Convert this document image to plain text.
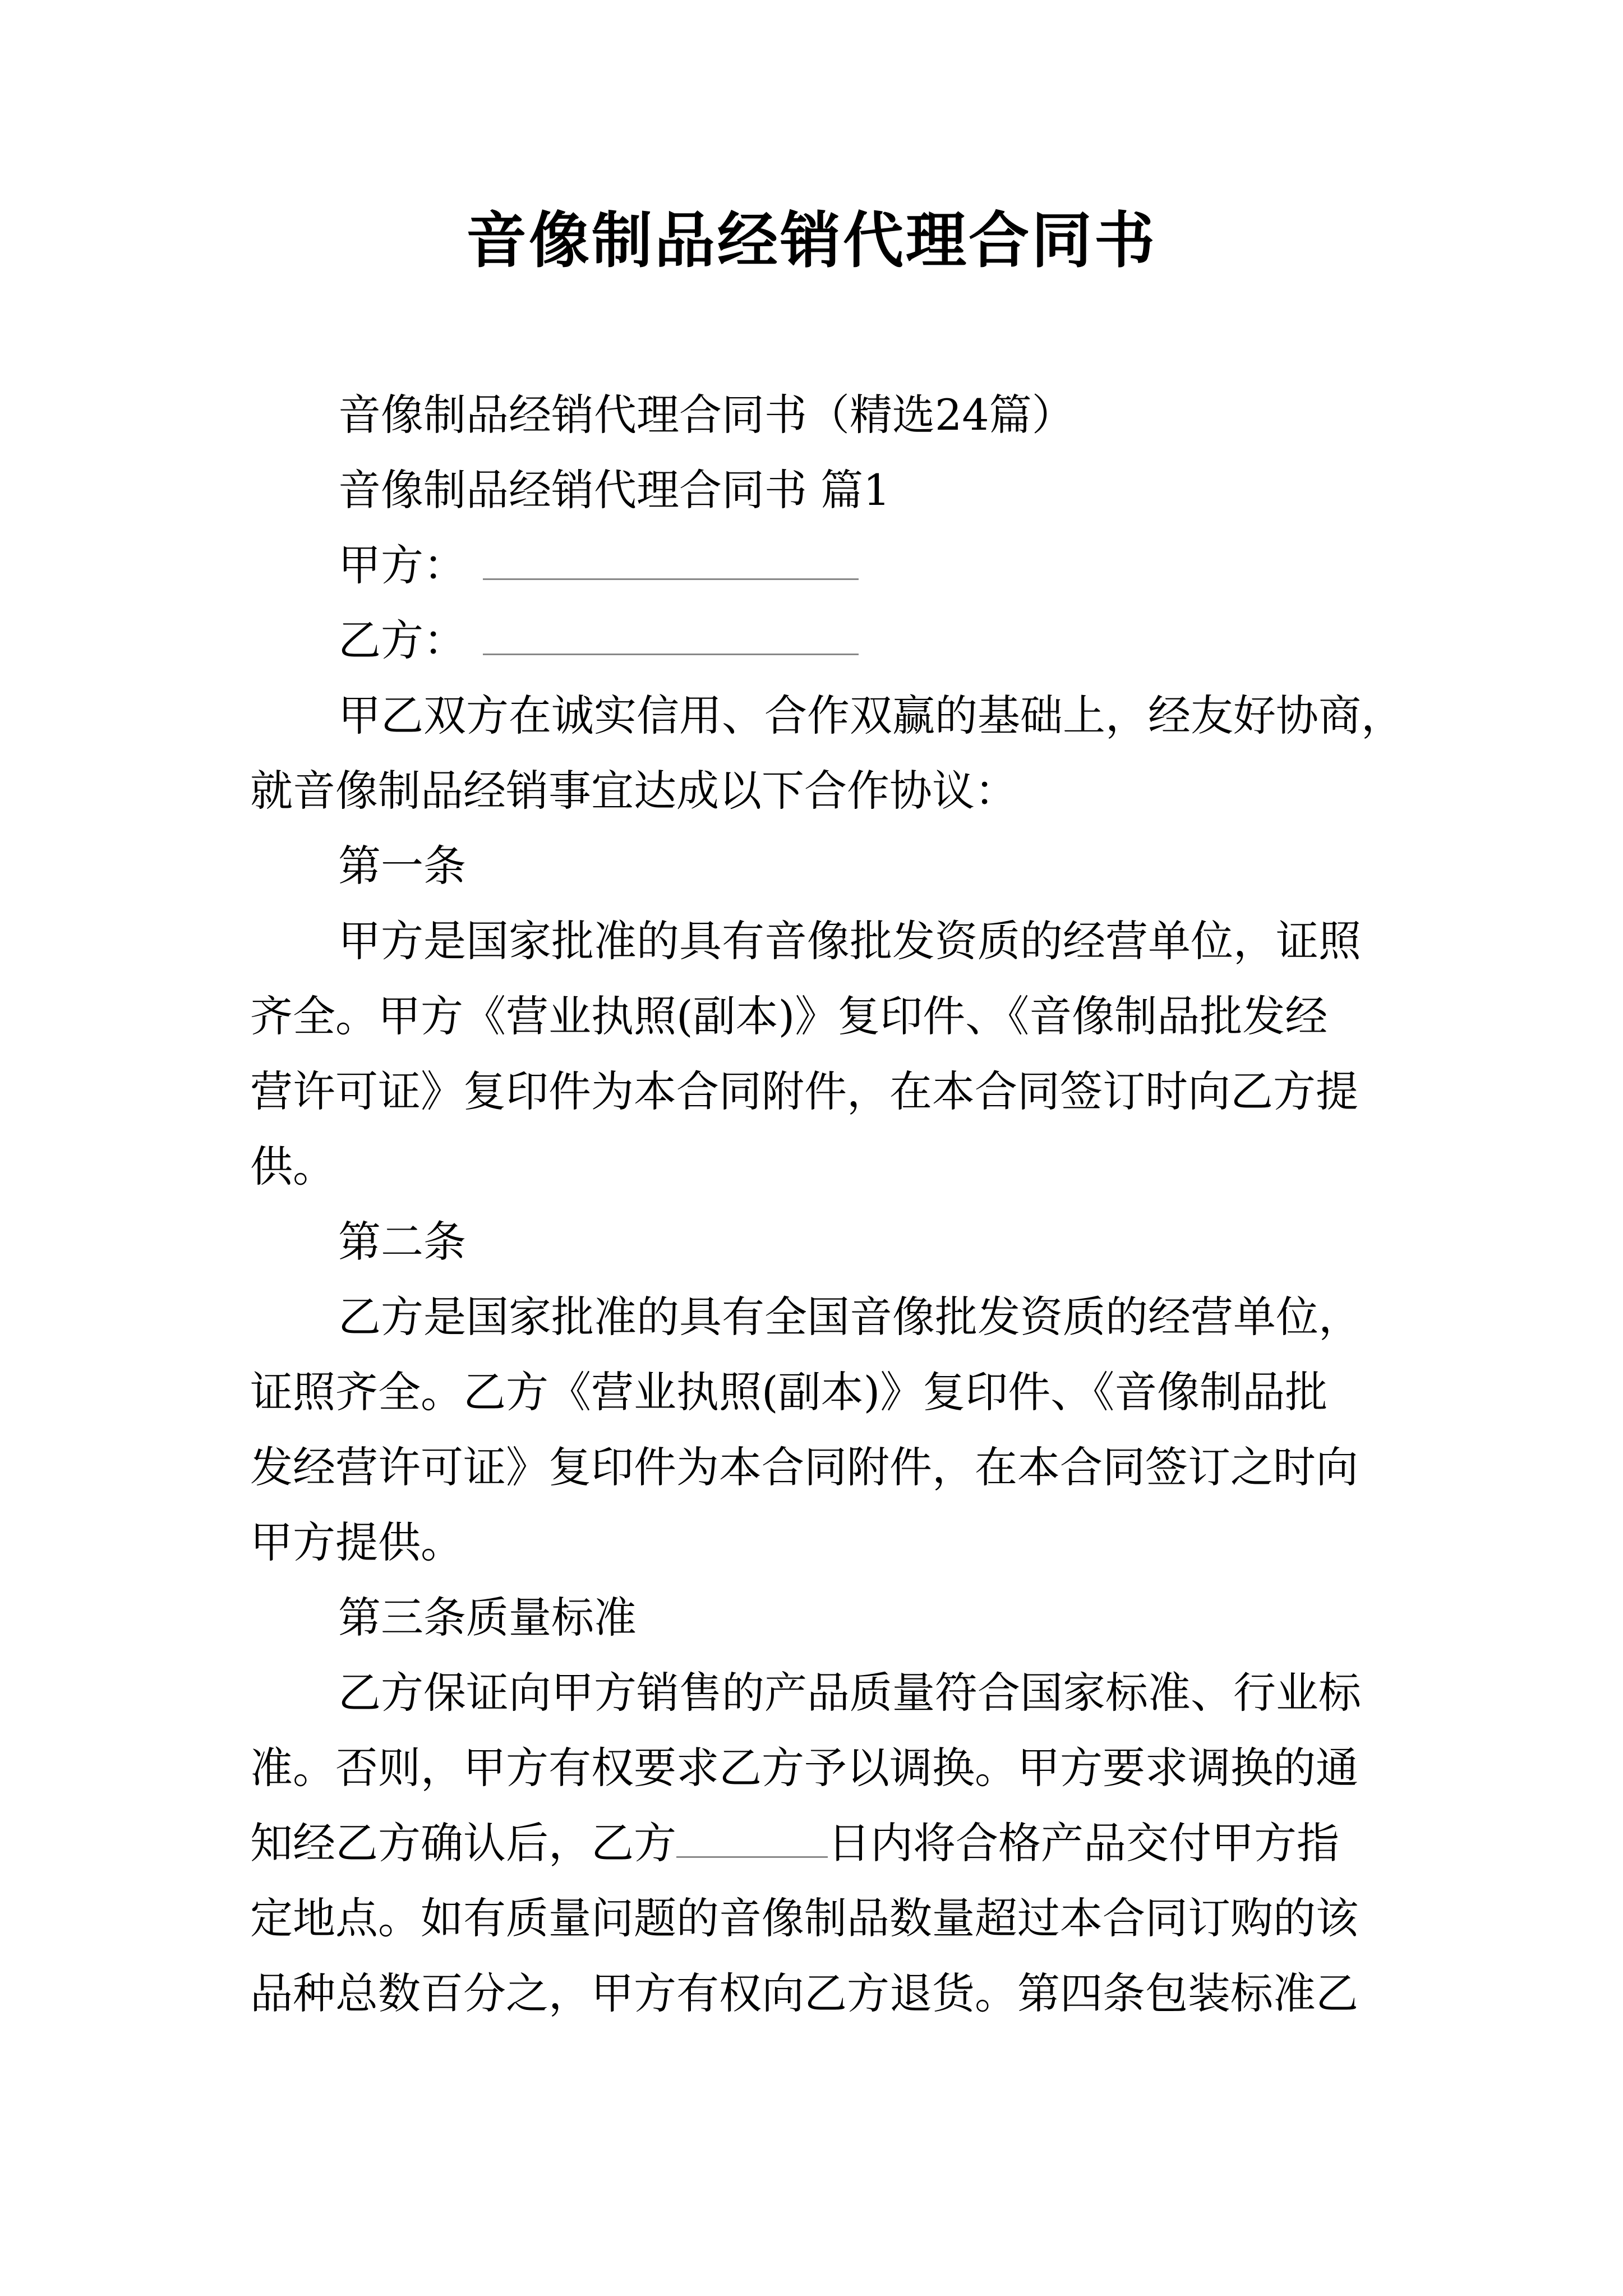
音像制品经销代理合同书
音像制品经销代理合同书（精选24篇）
音像制品经销代理合同书 篇1
甲方：
乙方：
甲乙双方在诚实信用、合作双赢的基础上，经友好协商，
就音像制品经销事宜达成以下合作协议：
第一条
甲方是国家批准的具有音像批发资质的经营单位，证照
齐全。甲方《营业执照(副本)》复印件、《音像制品批发经
营许可证》复印件为本合同附件，在本合同签订时向乙方提
供。
第二条
乙方是国家批准的具有全国音像批发资质的经营单位，
证照齐全。乙方《营业执照(副本)》复印件、《音像制品批
发经营许可证》复印件为本合同附件，在本合同签订之时向
甲方提供。
第三条质量标准
乙方保证向甲方销售的产品质量符合国家标准、行业标
准。否则，甲方有权要求乙方予以调换。甲方要求调换的通
知经乙方确认后，乙方	日内将合格产品交付甲方指
定地点。如有质量问题的音像制品数量超过本合同订购的该
品种总数百分之，甲方有权向乙方退货。第四条包装标准乙
